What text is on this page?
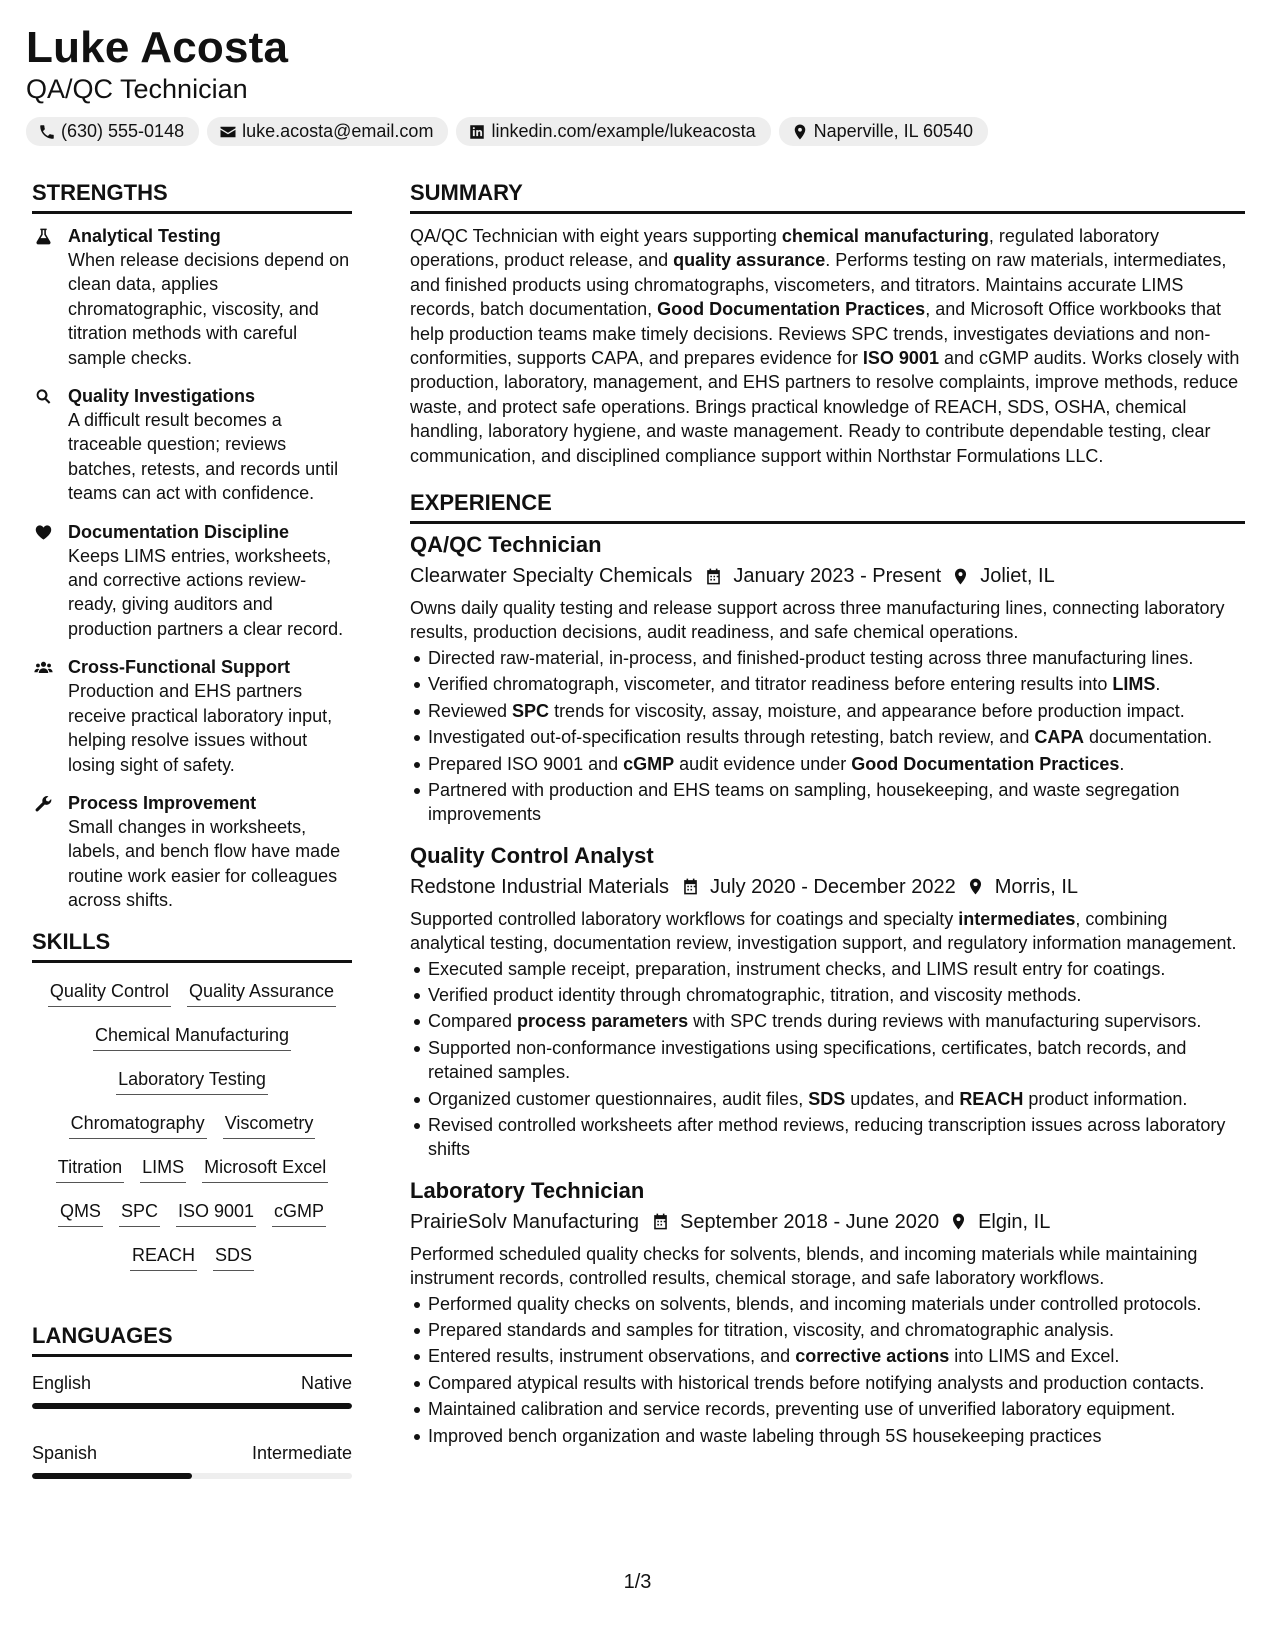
Luke Acosta
QA/QC Technician
(630) 555-0148	luke.acosta@email.com	linkedin.com/example/lukeacosta	Naperville, IL 60540
STRENGTHS
Analytical Testing
When release decisions depend on clean data, applies chromatographic, viscosity, and titration methods with careful sample checks.
Quality Investigations
A difficult result becomes a traceable question; reviews batches, retests, and records until teams can act with confidence.
Documentation Discipline
Keeps LIMS entries, worksheets, and corrective actions review-ready, giving auditors and production partners a clear record.
Cross-Functional Support
Production and EHS partners receive practical laboratory input, helping resolve issues without losing sight of safety.
Process Improvement
Small changes in worksheets, labels, and bench flow have made routine work easier for colleagues across shifts.
SKILLS
Quality Control Quality Assurance
Chemical Manufacturing
Laboratory Testing
Chromatography Viscometry
Titration LIMS Microsoft Excel
QMS SPC ISO 9001 cGMP
REACH SDS
LANGUAGES
English	Native
Spanish	Intermediate
SUMMARY
QA/QC Technician with eight years supporting chemical manufacturing, regulated laboratory operations, product release, and quality assurance. Performs testing on raw materials, intermediates, and finished products using chromatographs, viscometers, and titrators. Maintains accurate LIMS records, batch documentation, Good Documentation Practices, and Microsoft Office workbooks that help production teams make timely decisions. Reviews SPC trends, investigates deviations and non-conformities, supports CAPA, and prepares evidence for ISO 9001 and cGMP audits. Works closely with production, laboratory, management, and EHS partners to resolve complaints, improve methods, reduce waste, and protect safe operations. Brings practical knowledge of REACH, SDS, OSHA, chemical handling, laboratory hygiene, and waste management. Ready to contribute dependable testing, clear communication, and disciplined compliance support within Northstar Formulations LLC.
EXPERIENCE
QA/QC Technician
Clearwater Specialty Chemicals January 2023 - Present Joliet, IL
Owns daily quality testing and release support across three manufacturing lines, connecting laboratory results, production decisions, audit readiness, and safe chemical operations.
Directed raw-material, in-process, and finished-product testing across three manufacturing lines.
Verified chromatograph, viscometer, and titrator readiness before entering results into LIMS.
Reviewed SPC trends for viscosity, assay, moisture, and appearance before production impact.
Investigated out-of-specification results through retesting, batch review, and CAPA documentation.
Prepared ISO 9001 and cGMP audit evidence under Good Documentation Practices.
Partnered with production and EHS teams on sampling, housekeeping, and waste segregation improvements
Quality Control Analyst
Redstone Industrial Materials July 2020 - December 2022 Morris, IL
Supported controlled laboratory workflows for coatings and specialty intermediates, combining analytical testing, documentation review, investigation support, and regulatory information management.
Executed sample receipt, preparation, instrument checks, and LIMS result entry for coatings.
Verified product identity through chromatographic, titration, and viscosity methods.
Compared process parameters with SPC trends during reviews with manufacturing supervisors.
Supported non-conformance investigations using specifications, certificates, batch records, and retained samples.
Organized customer questionnaires, audit files, SDS updates, and REACH product information.
Revised controlled worksheets after method reviews, reducing transcription issues across laboratory shifts
Laboratory Technician
PrairieSolv Manufacturing September 2018 - June 2020 Elgin, IL
Performed scheduled quality checks for solvents, blends, and incoming materials while maintaining instrument records, controlled results, chemical storage, and safe laboratory workflows.
Performed quality checks on solvents, blends, and incoming materials under controlled protocols.
Prepared standards and samples for titration, viscosity, and chromatographic analysis.
Entered results, instrument observations, and corrective actions into LIMS and Excel.
Compared atypical results with historical trends before notifying analysts and production contacts.
Maintained calibration and service records, preventing use of unverified laboratory equipment.
Improved bench organization and waste labeling through 5S housekeeping practices
1/3
